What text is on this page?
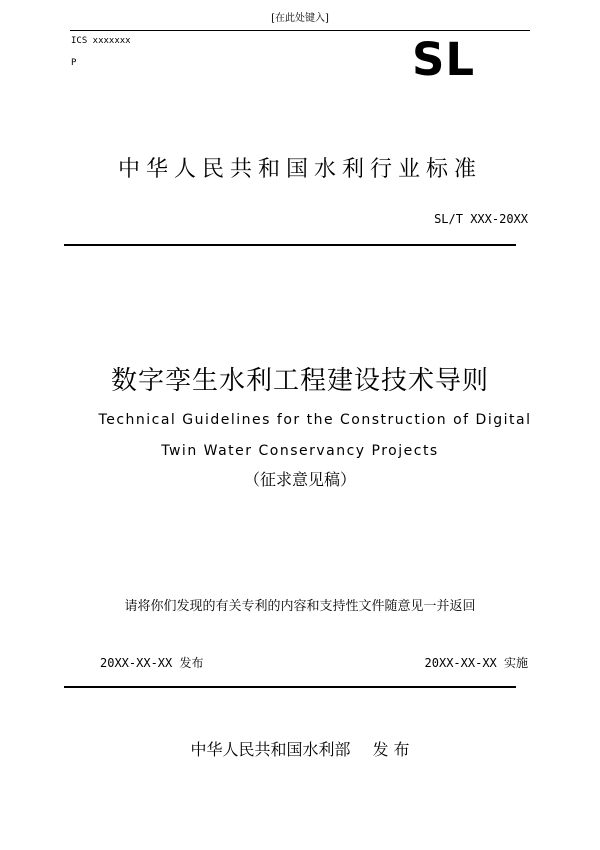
[在此处键入]
ICS xxxxxxx
P	SL
中华人民共和国水利行业标准
SL/T XXX-20XX
数字孪生水利工程建设技术导则
Technical Guidelines for the Construction of Digital
Twin Water Conservancy Projects
（征求意见稿）
请将你们发现的有关专利的内容和支持性文件随意见一并返回
20XX-XX-XX 发布	20XX-XX-XX 实施
中华人民共和国水利部 发 布
